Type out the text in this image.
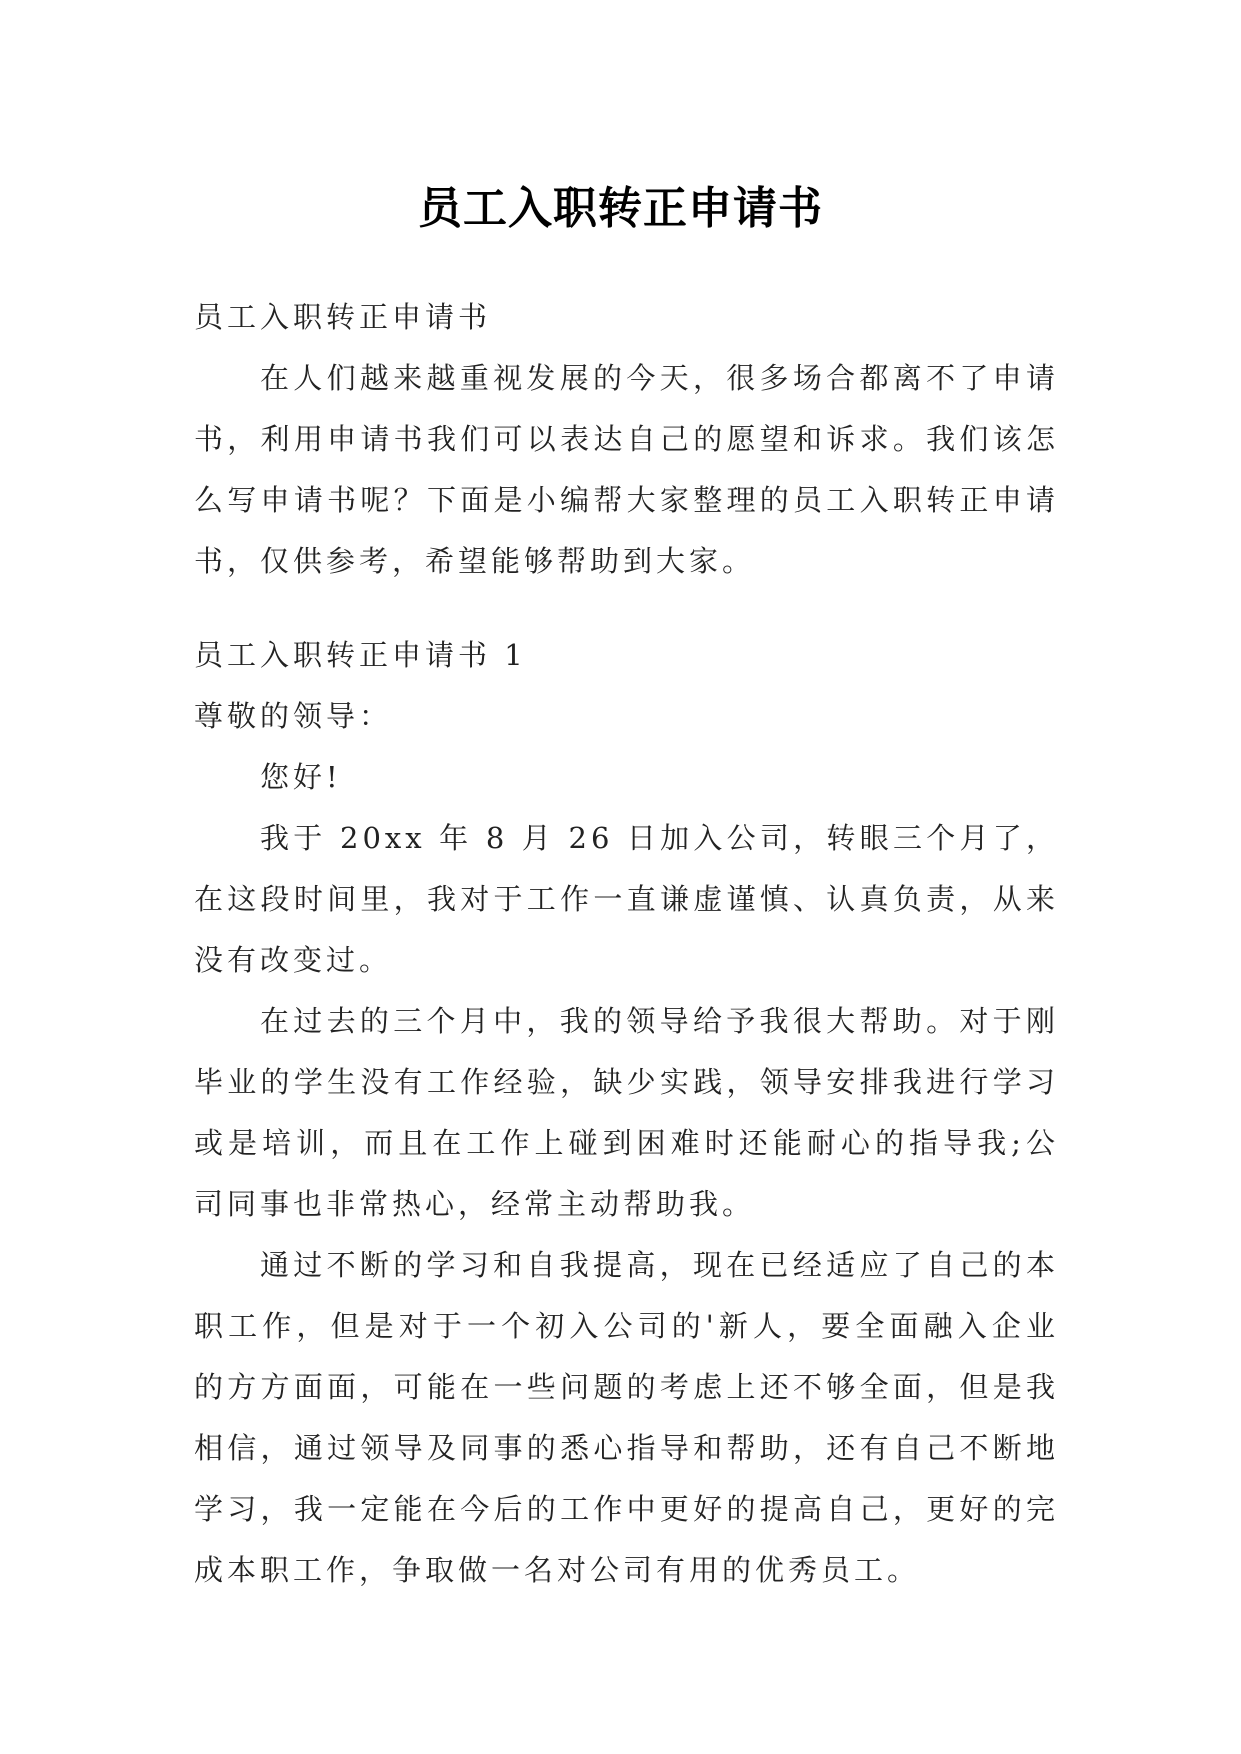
员工入职转正申请书

员工入职转正申请书

在人们越来越重视发展的今天，很多场合都离不了申请书，利用申请书我们可以表达自己的愿望和诉求。我们该怎么写申请书呢？下面是小编帮大家整理的员工入职转正申请书，仅供参考，希望能够帮助到大家。

员工入职转正申请书 1

尊敬的领导：

您好!

我于 20xx 年 8 月 26 日加入公司，转眼三个月了，在这段时间里，我对于工作一直谦虚谨慎、认真负责，从来没有改变过。

在过去的三个月中，我的领导给予我很大帮助。对于刚毕业的学生没有工作经验，缺少实践，领导安排我进行学习或是培训，而且在工作上碰到困难时还能耐心的指导我;公司同事也非常热心，经常主动帮助我。

通过不断的学习和自我提高，现在已经适应了自己的本职工作，但是对于一个初入公司的'新人，要全面融入企业的方方面面，可能在一些问题的考虑上还不够全面，但是我相信，通过领导及同事的悉心指导和帮助，还有自己不断地学习，我一定能在今后的工作中更好的提高自己，更好的完成本职工作，争取做一名对公司有用的优秀员工。
